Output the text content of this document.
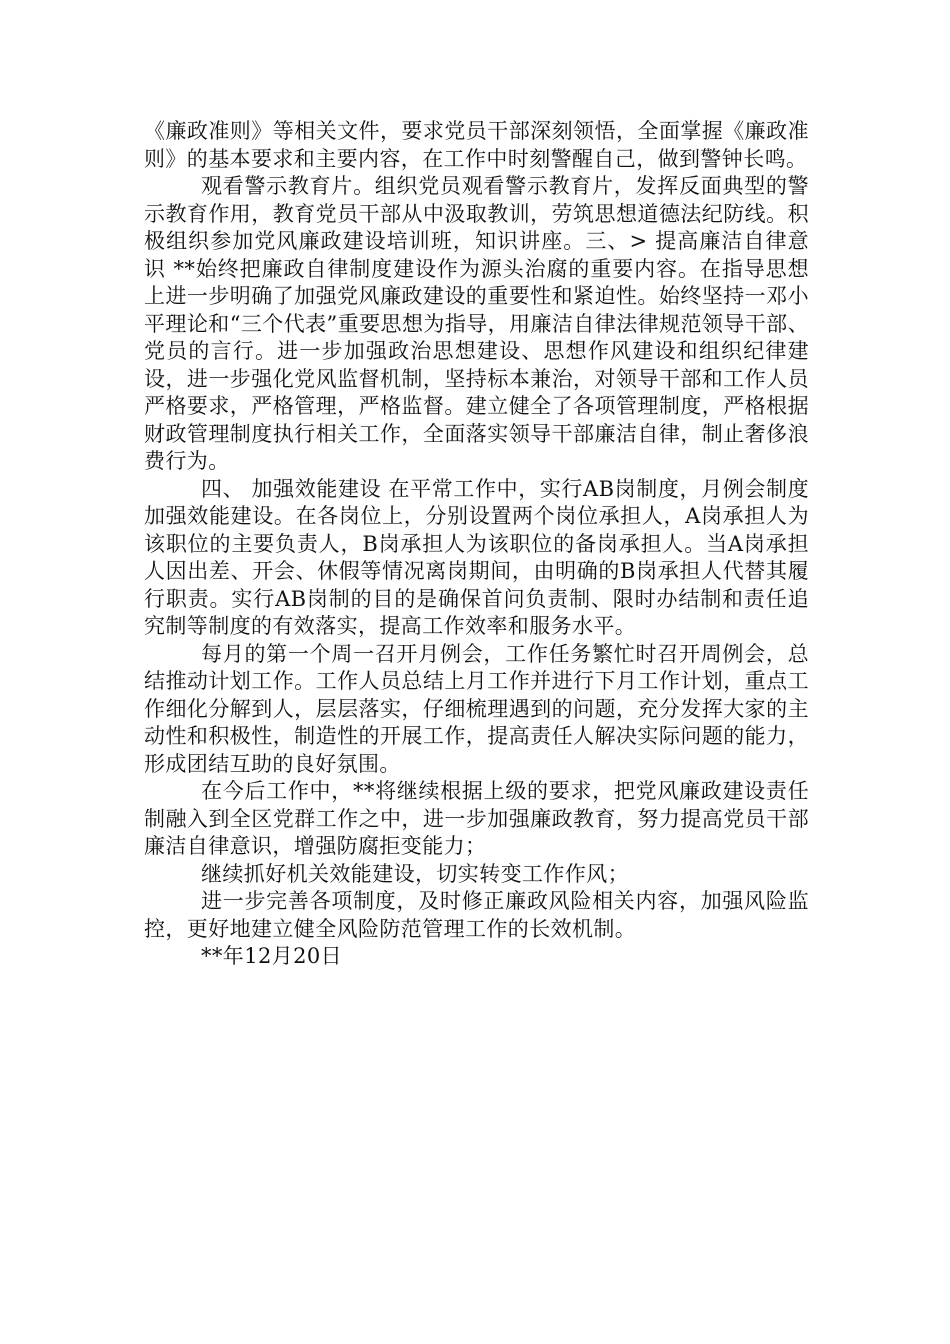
《廉政准则》等相关文件，要求党员干部深刻领悟，全面掌握《廉政准则》的基本要求和主要内容，在工作中时刻警醒自己，做到警钟长鸣。

观看警示教育片。组织党员观看警示教育片，发挥反面典型的警示教育作用，教育党员干部从中汲取教训，劳筑思想道德法纪防线。积极组织参加党风廉政建设培训班，知识讲座。三、> 提高廉洁自律意识 **始终把廉政自律制度建设作为源头治腐的重要内容。在指导思想上进一步明确了加强党风廉政建设的重要性和紧迫性。始终坚持一邓小平理论和“三个代表”重要思想为指导，用廉洁自律法律规范领导干部、党员的言行。进一步加强政治思想建设、思想作风建设和组织纪律建设，进一步强化党风监督机制，坚持标本兼治，对领导干部和工作人员严格要求，严格管理，严格监督。建立健全了各项管理制度，严格根据财政管理制度执行相关工作，全面落实领导干部廉洁自律，制止奢侈浪费行为。

四、 加强效能建设 在平常工作中，实行AB岗制度，月例会制度加强效能建设。在各岗位上，分别设置两个岗位承担人，A岗承担人为该职位的主要负责人，B岗承担人为该职位的备岗承担人。当A岗承担人因出差、开会、休假等情况离岗期间，由明确的B岗承担人代替其履行职责。实行AB岗制的目的是确保首问负责制、限时办结制和责任追究制等制度的有效落实，提高工作效率和服务水平。

每月的第一个周一召开月例会，工作任务繁忙时召开周例会，总结推动计划工作。工作人员总结上月工作并进行下月工作计划，重点工作细化分解到人，层层落实，仔细梳理遇到的问题，充分发挥大家的主动性和积极性，制造性的开展工作，提高责任人解决实际问题的能力，形成团结互助的良好氛围。

在今后工作中，**将继续根据上级的要求，把党风廉政建设责任制融入到全区党群工作之中，进一步加强廉政教育，努力提高党员干部廉洁自律意识，增强防腐拒变能力；

继续抓好机关效能建设，切实转变工作作风；

进一步完善各项制度，及时修正廉政风险相关内容，加强风险监控，更好地建立健全风险防范管理工作的长效机制。

**年12月20日
